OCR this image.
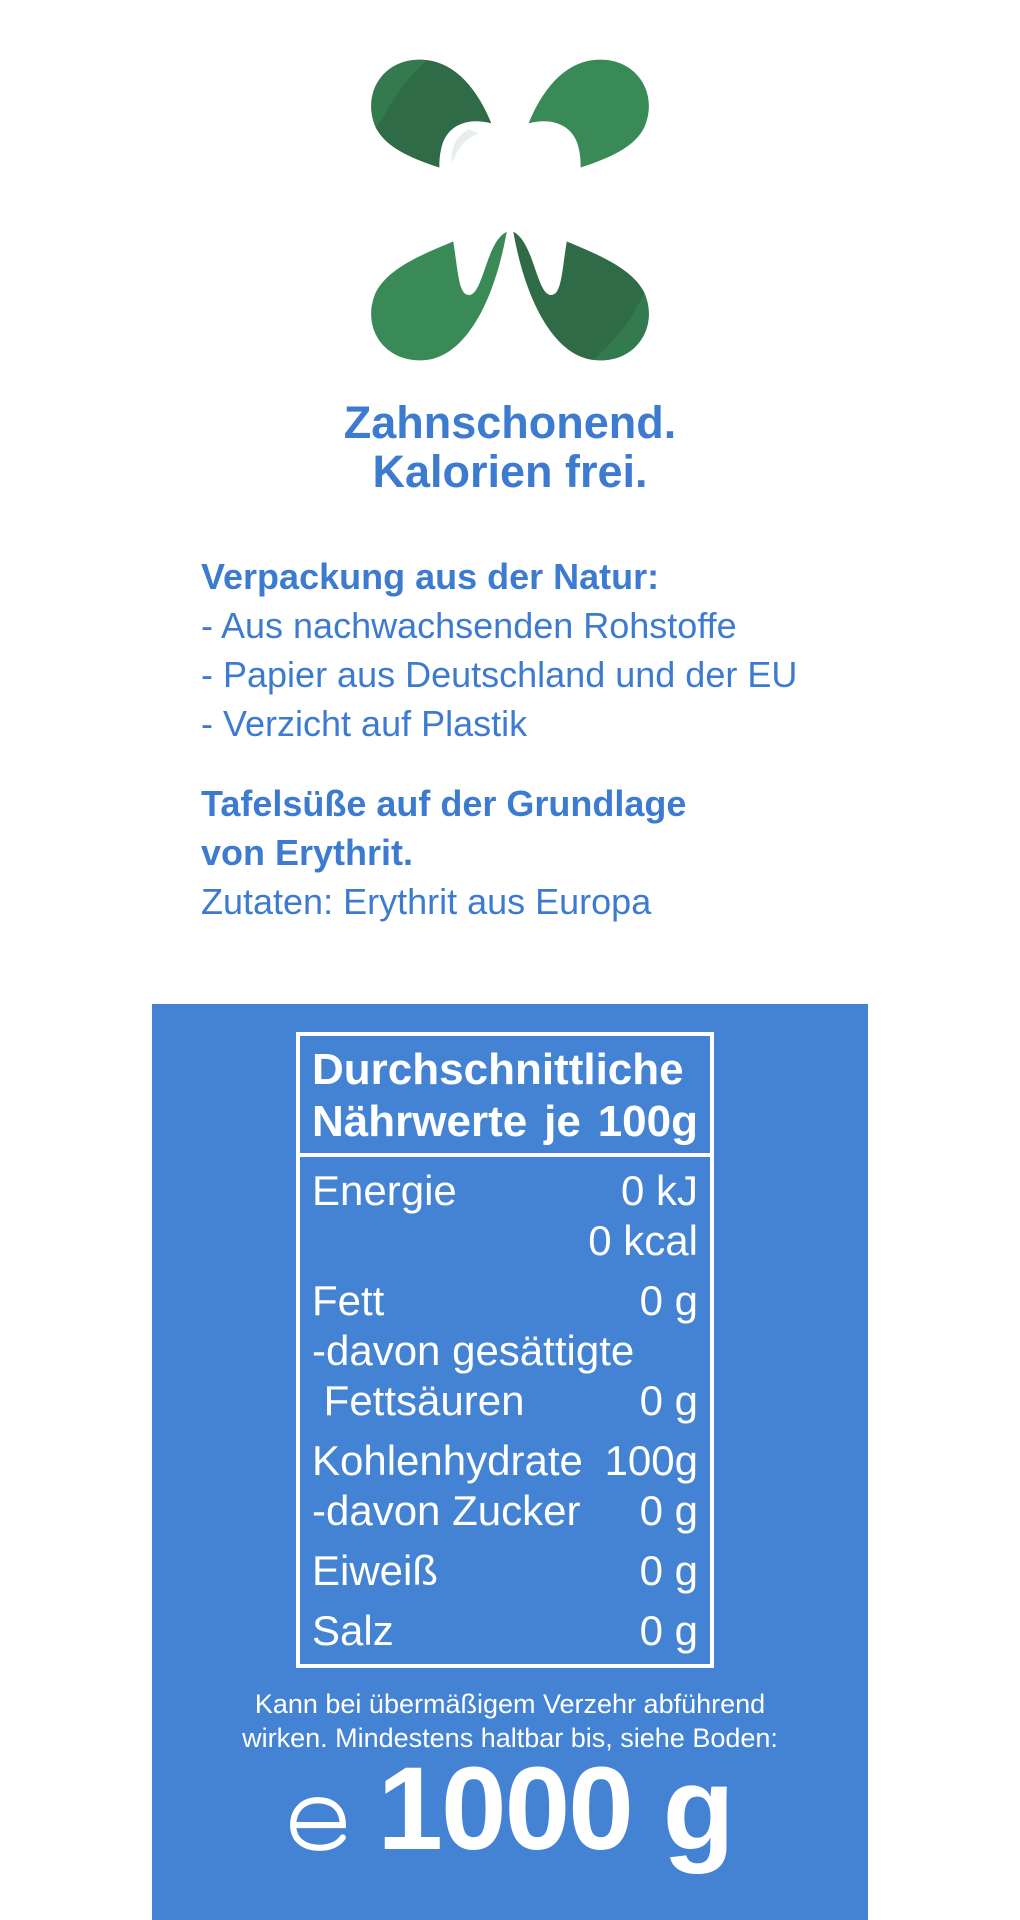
Zahnschonend.
Kalorien frei.
Verpackung aus der Natur:
- Aus nachwachsenden Rohstoffe
- Papier aus Deutschland und der EU
- Verzicht auf Plastik
Tafelsüße auf der Grundlage
von Erythrit.
Zutaten: Erythrit aus Europa
Durchschnittliche
Nährwerte je 100g
Energie	0 kJ
0 kcal
Fett	0 g
-davon gesättigte
Fettsäuren	0 g
Kohlenhydrate 100g
-davon Zucker 0 g
Eiweiß	0 g
Salz	0 g
Kann bei übermäßigem Verzehr abführend
wirken. Mindestens haltbar bis, siehe Boden:
1000 g
